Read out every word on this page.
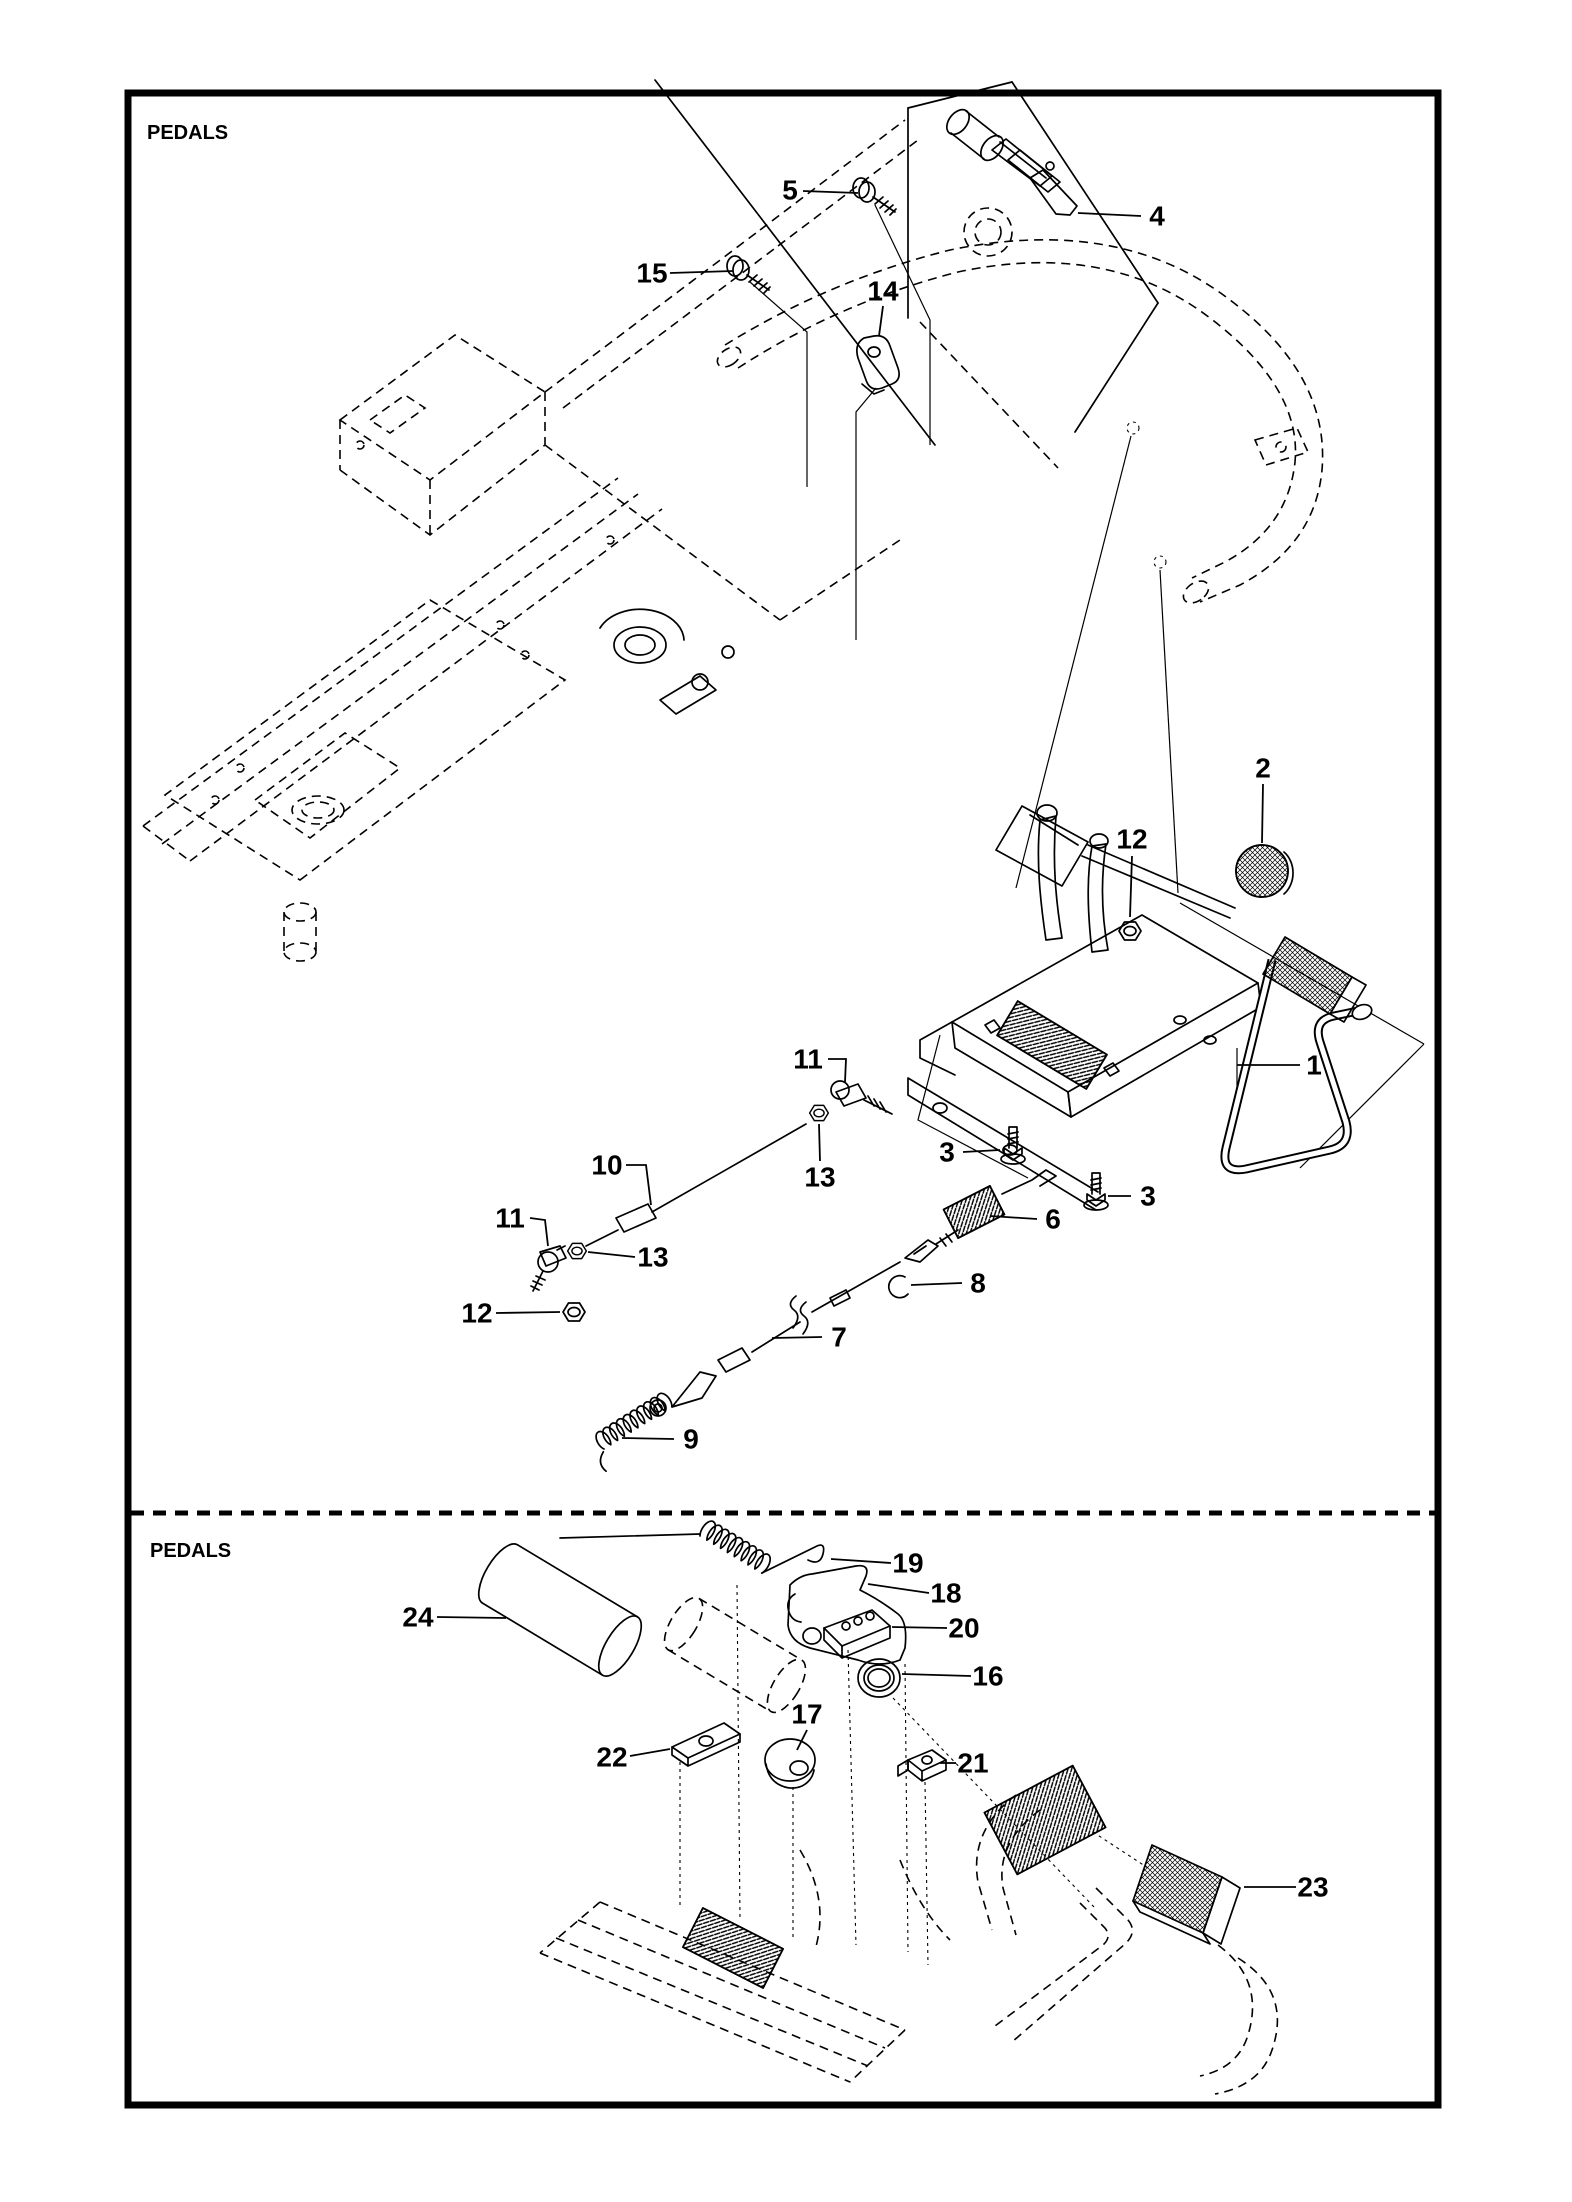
PEDALS
PEDALS
1
2
3
3
4
5
6
7
8
9
10
11
11
12
12
13
13
14
15
16
17
18
19
20
21
22
23
24
